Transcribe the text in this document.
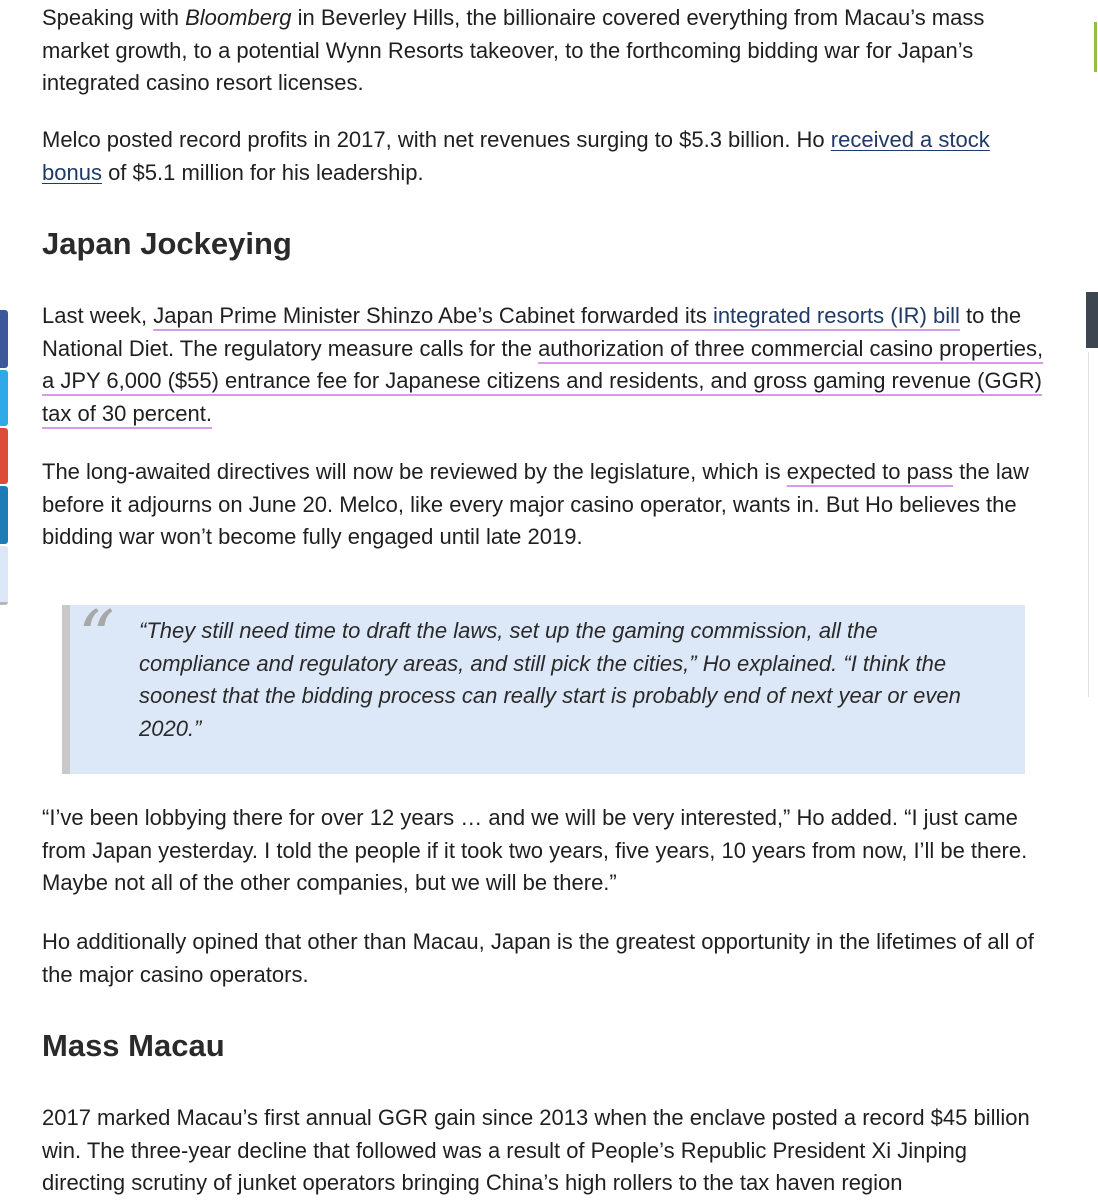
Speaking with Bloomberg in Beverley Hills, the billionaire covered everything from Macau’s mass market growth, to a potential Wynn Resorts takeover, to the forthcoming bidding war for Japan’s integrated casino resort licenses.

Melco posted record profits in 2017, with net revenues surging to $5.3 billion. Ho received a stock bonus of $5.1 million for his leadership.

Japan Jockeying

Last week, Japan Prime Minister Shinzo Abe’s Cabinet forwarded its integrated resorts (IR) bill to the National Diet. The regulatory measure calls for the authorization of three commercial casino properties, a JPY 6,000 ($55) entrance fee for Japanese citizens and residents, and gross gaming revenue (GGR) tax of 30 percent.

The long-awaited directives will now be reviewed by the legislature, which is expected to pass the law before it adjourns on June 20. Melco, like every major casino operator, wants in. But Ho believes the bidding war won’t become fully engaged until late 2019.

“I’ve been lobbying there for over 12 years … and we will be very interested,” Ho added. “I just came from Japan yesterday. I told the people if it took two years, five years, 10 years from now, I’ll be there. Maybe not all of the other companies, but we will be there.”

Ho additionally opined that other than Macau, Japan is the greatest opportunity in the lifetimes of all of the major casino operators.

Mass Macau

2017 marked Macau’s first annual GGR gain since 2013 when the enclave posted a record $45 billion win. The three-year decline that followed was a result of People’s Republic President Xi Jinping directing scrutiny of junket operators bringing China’s high rollers to the tax haven region

“ “They still need time to draft the laws, set up the gaming commission, all the compliance and regulatory areas, and still pick the cities,” Ho explained. “I think the soonest that the bidding process can really start is probably end of next year or even 2020.”
